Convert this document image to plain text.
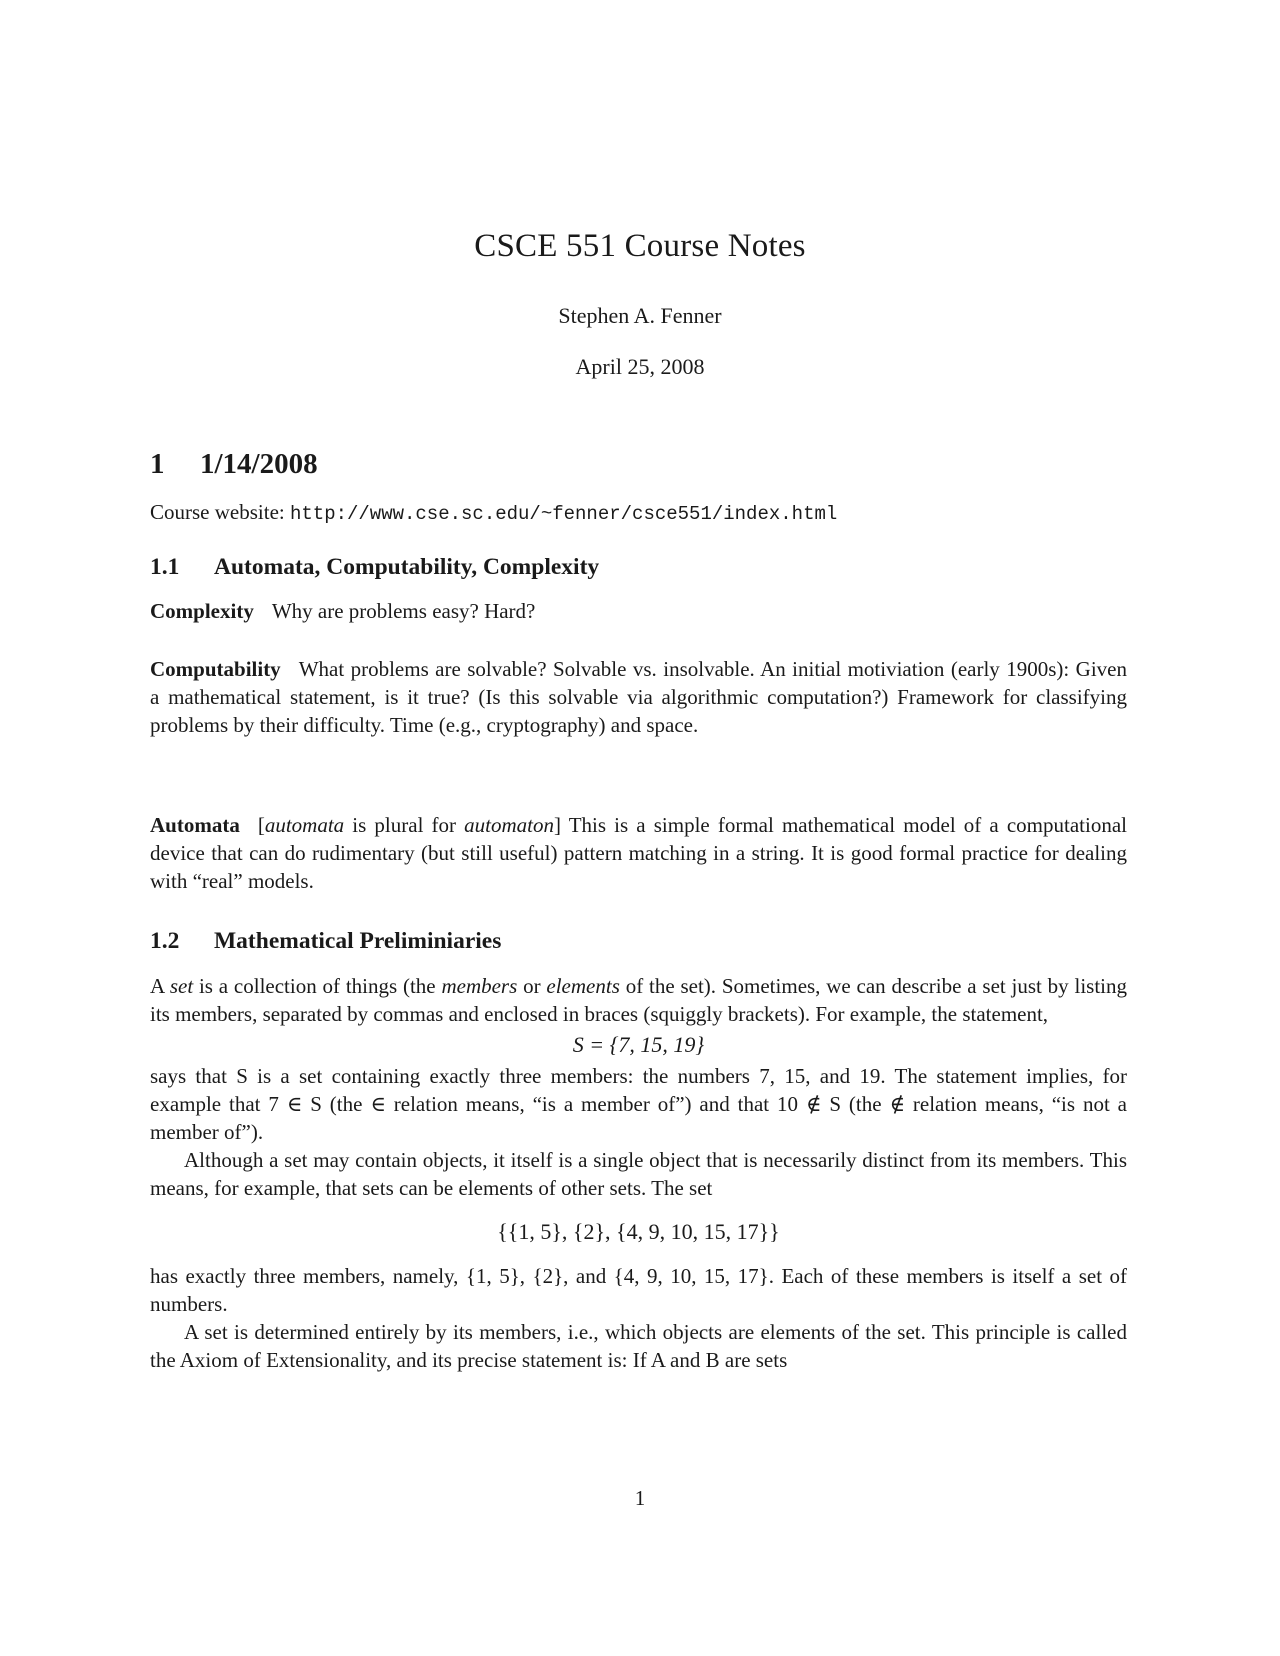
CSCE 551 Course Notes
Stephen A. Fenner
April 25, 2008
1 1/14/2008
Course website: http://www.cse.sc.edu/~fenner/csce551/index.html
1.1 Automata, Computability, Complexity
Complexity Why are problems easy? Hard?
Computability What problems are solvable? Solvable vs. insolvable. An initial motiviation (early 1900s): Given a mathematical statement, is it true? (Is this solvable via algorithmic computation?) Framework for classifying problems by their difficulty. Time (e.g., cryptography) and space.
Automata [automata is plural for automaton] This is a simple formal mathematical model of a computational device that can do rudimentary (but still useful) pattern matching in a string. It is good formal practice for dealing with “real” models.
1.2 Mathematical Preliminiaries

A set is a collection of things (the members or elements of the set). Sometimes, we can describe a set just by listing its members, separated by commas and enclosed in braces (squiggly brackets). For example, the statement,

S = {7, 15, 19}

says that S is a set containing exactly three members: the numbers 7, 15, and 19. The statement implies, for example that 7 ∈ S (the ∈ relation means, “is a member of”) and that 10 ∉ S (the ∉ relation means, “is not a member of”).

Although a set may contain objects, it itself is a single object that is necessarily distinct from its members. This means, for example, that sets can be elements of other sets. The set

{{1, 5}, {2}, {4, 9, 10, 15, 17}}

has exactly three members, namely, {1, 5}, {2}, and {4, 9, 10, 15, 17}. Each of these members is itself a set of numbers.

A set is determined entirely by its members, i.e., which objects are elements of the set. This principle is called the Axiom of Extensionality, and its precise statement is: If A and B are sets

1
